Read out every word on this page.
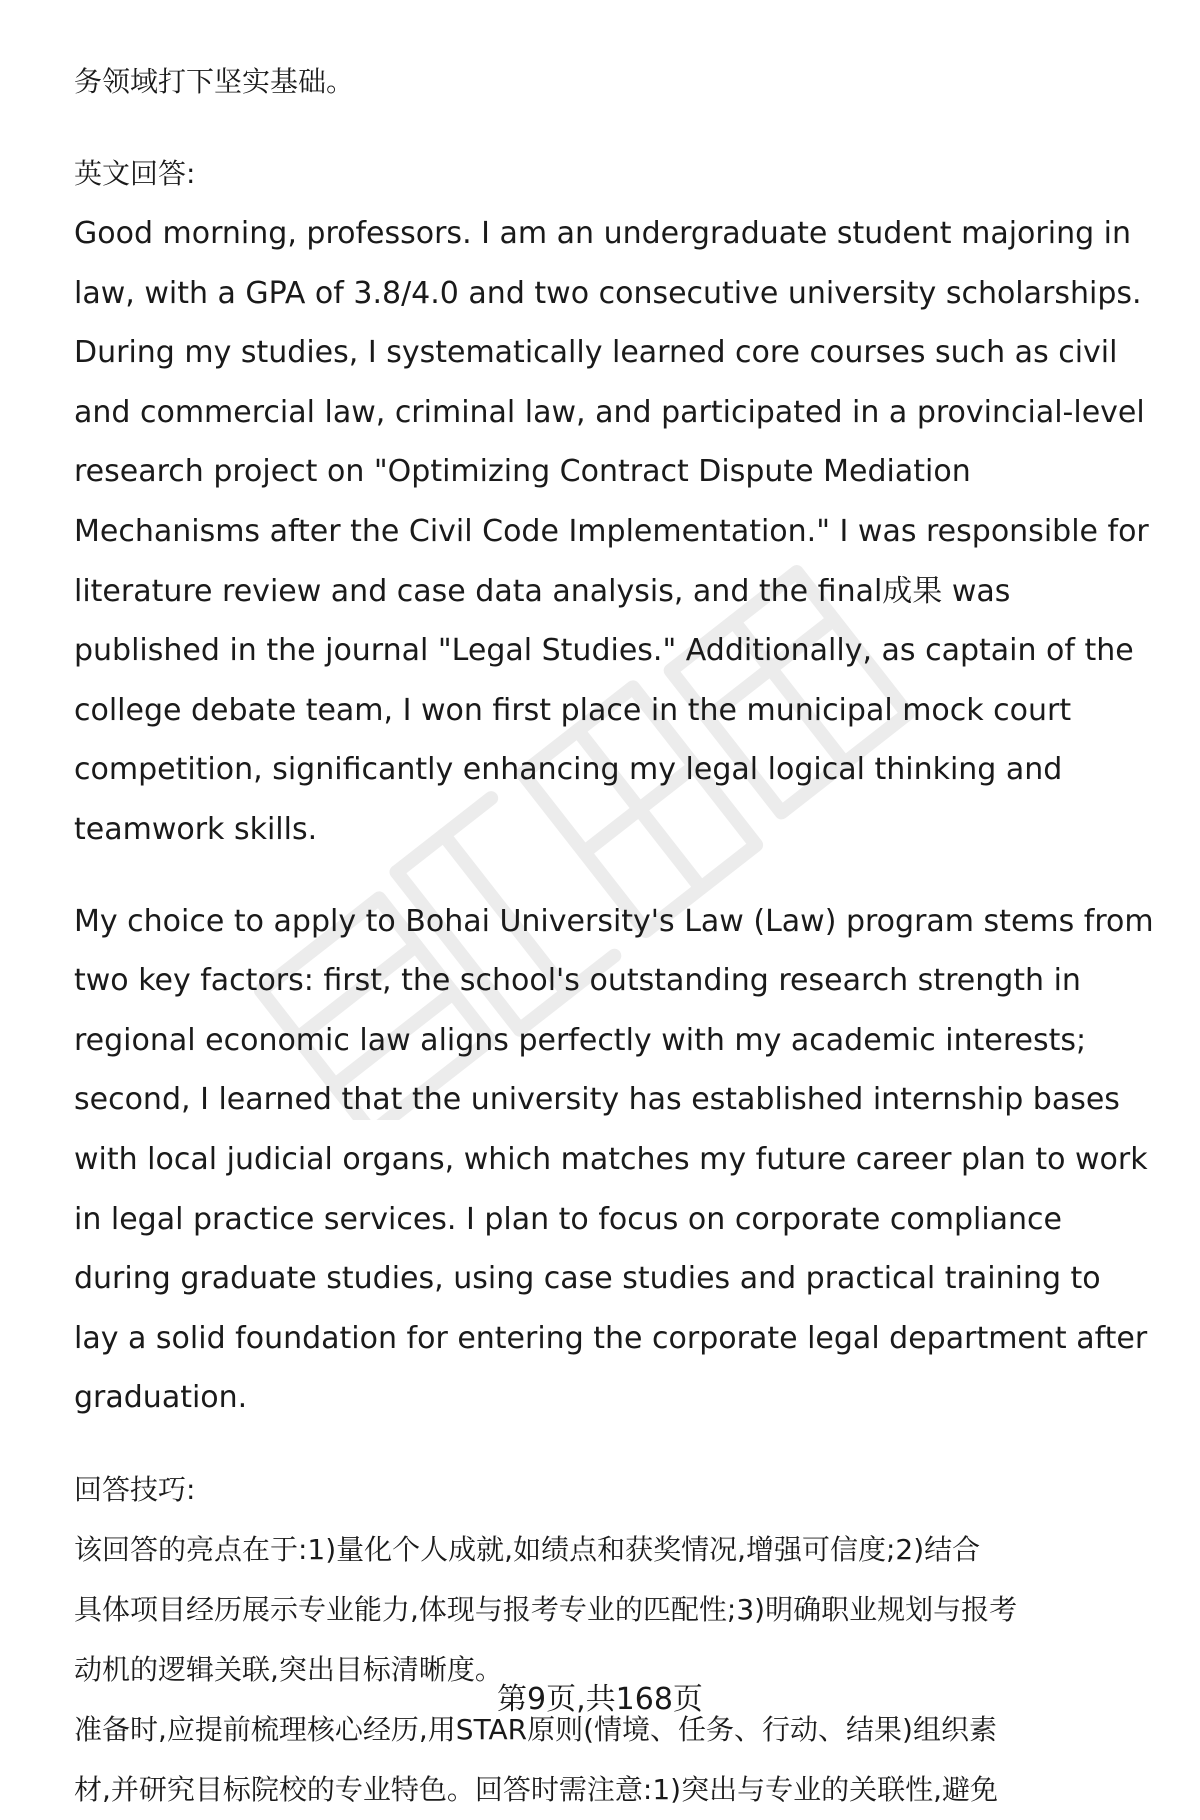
务领域打下坚实基础。
英文回答:

Good morning, professors. I am an undergraduate student majoring in law, with a GPA of 3.8/4.0 and two consecutive university scholarships. During my studies, I systematically learned core courses such as civil and commercial law, criminal law, and participated in a provincial-level research project on "Optimizing Contract Dispute Mediation Mechanisms after the Civil Code Implementation." I was responsible for literature review and case data analysis, and the final成果 was published in the journal "Legal Studies." Additionally, as captain of the college debate team, I won first place in the municipal mock court competition, significantly enhancing my legal logical thinking and teamwork skills.

My choice to apply to Bohai University's Law (Law) program stems from two key factors: first, the school's outstanding research strength in regional economic law aligns perfectly with my academic interests; second, I learned that the university has established internship bases with local judicial organs, which matches my future career plan to work in legal practice services. I plan to focus on corporate compliance during graduate studies, using case studies and practical training to lay a solid foundation for entering the corporate legal department after graduation.

回答技巧:
该回答的亮点在于:1)量化个人成就,如绩点和获奖情况,增强可信度;2)结合
具体项目经历展示专业能力,体现与报考专业的匹配性;3)明确职业规划与报考
动机的逻辑关联,突出目标清晰度。
准备时,应提前梳理核心经历,用STAR原则(情境、任务、行动、结果)组织素
材,并研究目标院校的专业特色。回答时需注意:1)突出与专业的关联性,避免
第9页,共168页
